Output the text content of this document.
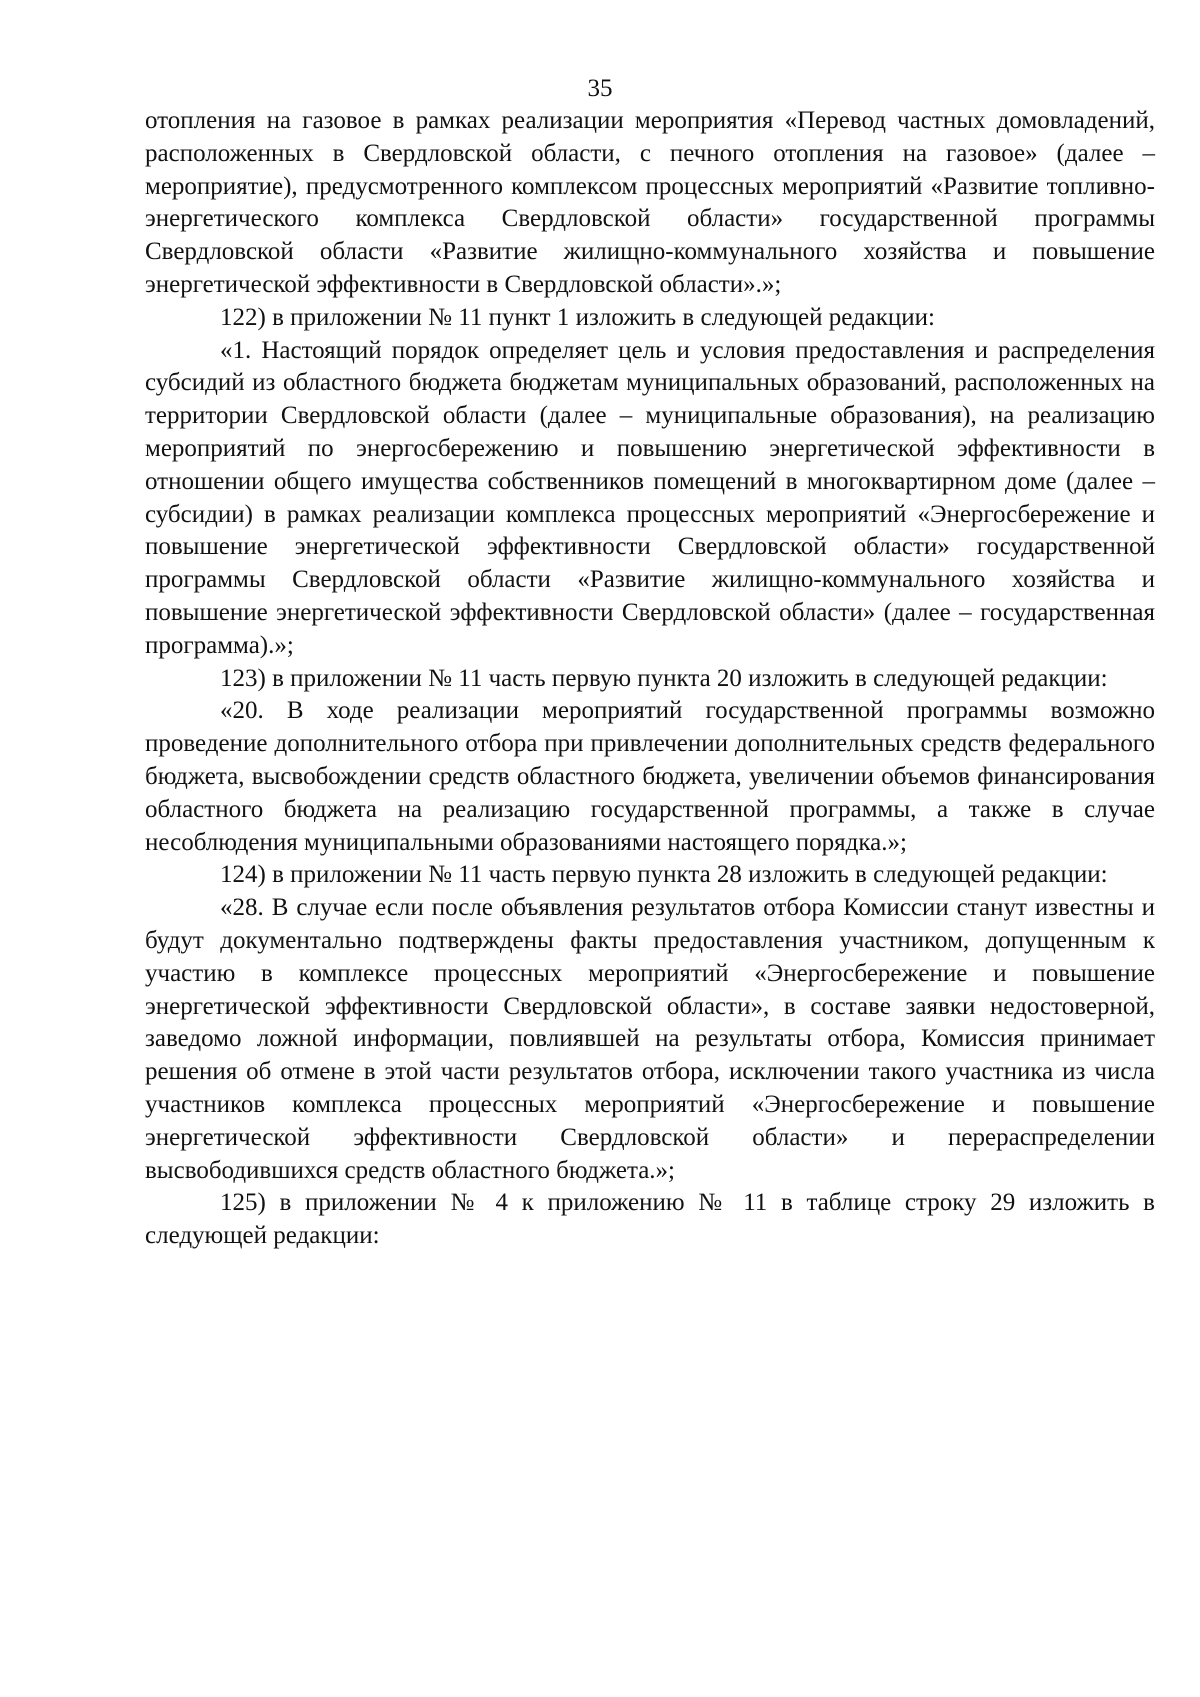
35

отопления на газовое в рамках реализации мероприятия «Перевод частных домовладений, расположенных в Свердловской области, с печного отопления на газовое» (далее – мероприятие), предусмотренного комплексом процессных мероприятий «Развитие топливно-энергетического комплекса Свердловской области» государственной программы Свердловской области «Развитие жилищно-коммунального хозяйства и повышение энергетической эффективности в Свердловской области».»;

122) в приложении № 11 пункт 1 изложить в следующей редакции:

«1. Настоящий порядок определяет цель и условия предоставления и распределения субсидий из областного бюджета бюджетам муниципальных образований, расположенных на территории Свердловской области (далее – муниципальные образования), на реализацию мероприятий по энергосбережению и повышению энергетической эффективности в отношении общего имущества собственников помещений в многоквартирном доме (далее – субсидии) в рамках реализации комплекса процессных мероприятий «Энергосбережение и повышение энергетической эффективности Свердловской области» государственной программы Свердловской области «Развитие жилищно-коммунального хозяйства и повышение энергетической эффективности Свердловской области» (далее – государственная программа).»;

123) в приложении № 11 часть первую пункта 20 изложить в следующей редакции:

«20. В ходе реализации мероприятий государственной программы возможно проведение дополнительного отбора при привлечении дополнительных средств федерального бюджета, высвобождении средств областного бюджета, увеличении объемов финансирования областного бюджета на реализацию государственной программы, а также в случае несоблюдения муниципальными образованиями настоящего порядка.»;

124) в приложении № 11 часть первую пункта 28 изложить в следующей редакции:

«28. В случае если после объявления результатов отбора Комиссии станут известны и будут документально подтверждены факты предоставления участником, допущенным к участию в комплексе процессных мероприятий «Энергосбережение и повышение энергетической эффективности Свердловской области», в составе заявки недостоверной, заведомо ложной информации, повлиявшей на результаты отбора, Комиссия принимает решения об отмене в этой части результатов отбора, исключении такого участника из числа участников комплекса процессных мероприятий «Энергосбережение и повышение энергетической эффективности Свердловской области» и перераспределении высвободившихся средств областного бюджета.»;

125) в приложении № 4 к приложению № 11 в таблице строку 29 изложить в следующей редакции:
